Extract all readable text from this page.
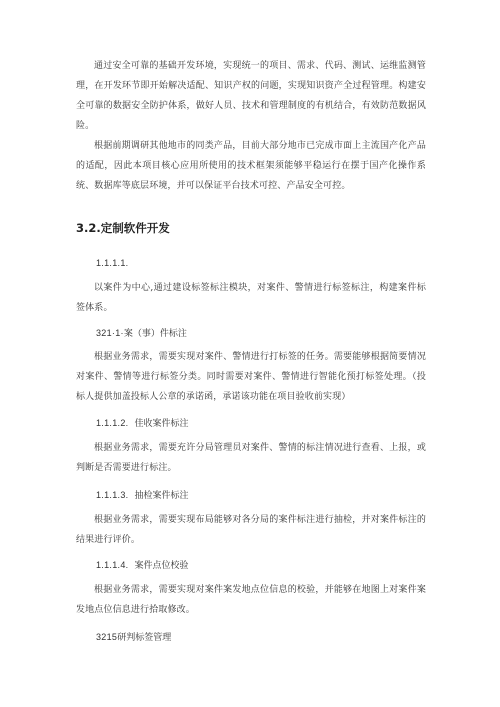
通过安全可靠的基础开发环境，实现统一的项目、需求、代码、测试、运维监测管理，在开发环节即开始解决适配、知识产权的问题，实现知识资产全过程管理。构建安全可靠的数据安全防护体系，做好人员、技术和管理制度的有机结合，有效防范数据风险。

根据前期调研其他地市的同类产品，目前大部分地市已完成市面上主流国产化产品的适配，因此本项目核心应用所使用的技术框架须能够平稳运行在摆于国产化操作系统、数据库等底层环境，并可以保证平台技术可控、产品安全可控。

3.2.定制软件开发

1.1.1.1.

以案件为中心,通过建设标签标注模块，对案件、警情进行标签标注，构建案件标签体系。

321·1·案（事）件标注

根据业务需求，需要实现对案件、警情进行打标签的任务。需要能够根据简要情况对案件、警情等进行标签分类。同时需要对案件、警情进行智能化预打标签处理。（投标人提供加盖投标人公章的承诺函，承诺该功能在项目验收前实现）

1.1.1.2. 佳收案件标注

根据业务需求，需要充许分局管理员对案件、警情的标注情况进行查看、上报，或判断是否需要进行标注。

1.1.1.3. 抽检案件标注

根据业务需求，需要实现布局能够对各分局的案件标注进行抽检，并对案件标注的结果进行评价。

1.1.1.4. 案件点位校验

根据业务需求，需要实现对案件案发地点位信息的校验，并能够在地图上对案件案发地点位信息进行拾取修改。

3215研判标签管理
